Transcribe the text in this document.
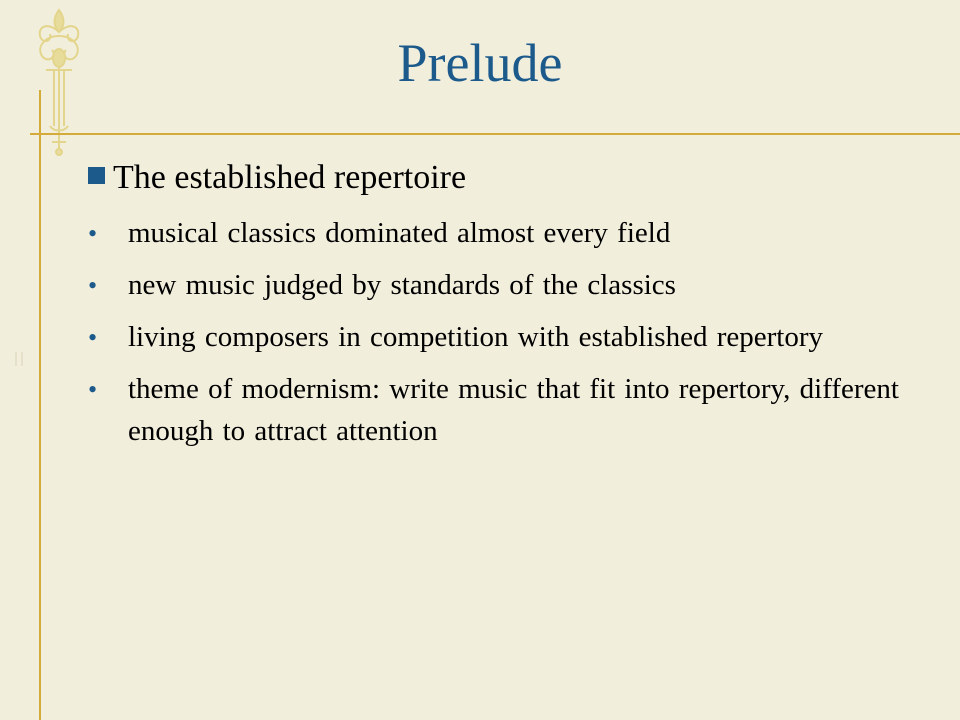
Prelude
The established repertoire
• musical classics dominated almost every field
• new music judged by standards of the classics
• living composers in competition with established repertory
• theme of modernism: write music that fit into repertory, different enough to attract attention
